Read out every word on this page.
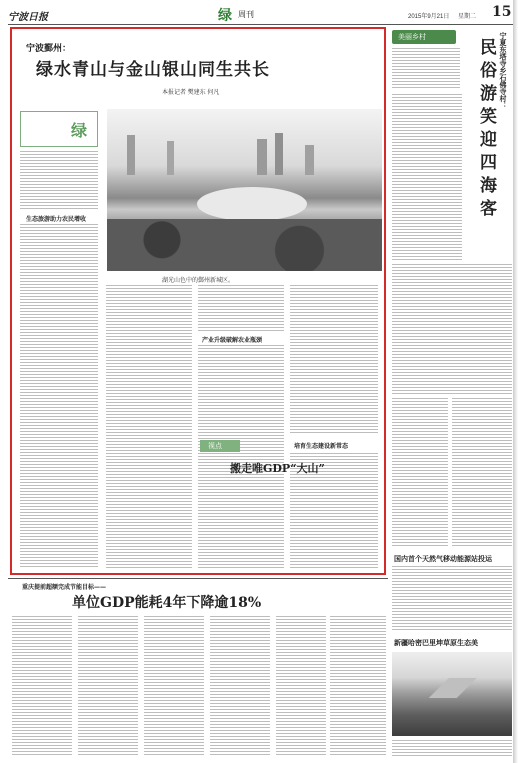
宁波日报	绿 周刊	2015年9月21日 星期二 15
宁波鄞州：
绿水青山与金山银山同生共长
本报记者 樊建东 何凡
绿
生态旅游助力农民增收
湖光山色中的鄞州新城区。
产业升级破解农业瓶颈
培育生态建设新常态
视点
搬走唯GDP“大山”
美丽乡村	宁夏东塔寺乡石佛寺村：
民俗游笑迎四海客
国内首个天然气移动能源站投运
重庆提前超额完成节能目标——
单位GDP能耗4年下降逾18%
新疆哈密巴里坤草原生态美
